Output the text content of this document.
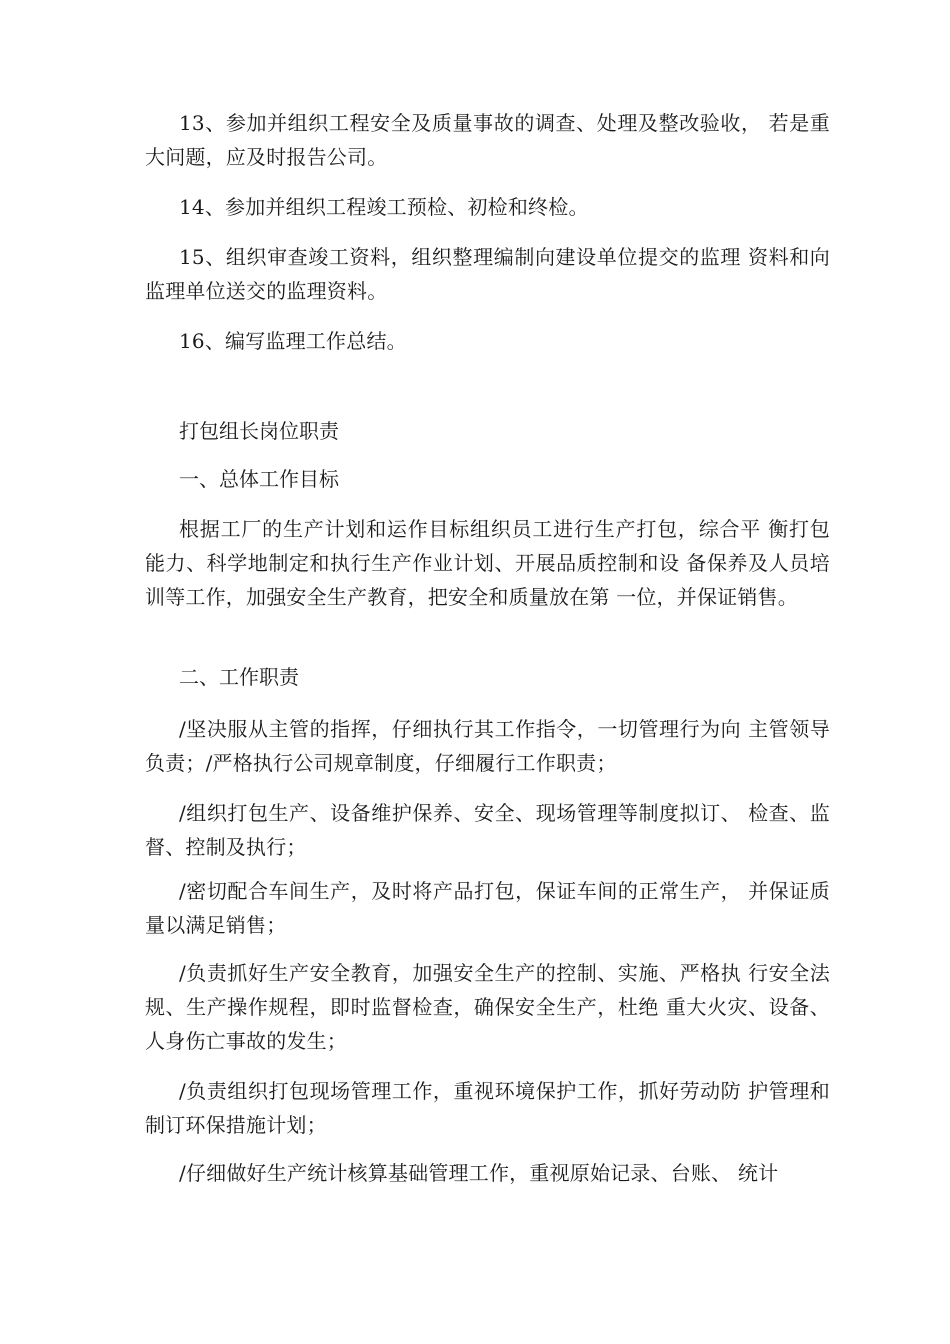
13、参加并组织工程安全及质量事故的调查、处理及整改验收， 若是重大问题，应及时报告公司。

14、参加并组织工程竣工预检、初检和终检。

15、组织审查竣工资料，组织整理编制向建设单位提交的监理 资料和向监理单位送交的监理资料。

16、编写监理工作总结。

打包组长岗位职责

一、总体工作目标

根据工厂的生产计划和运作目标组织员工进行生产打包，综合平 衡打包能力、科学地制定和执行生产作业计划、开展品质控制和设 备保养及人员培训等工作，加强安全生产教育，把安全和质量放在第 一位，并保证销售。

二、工作职责

/坚决服从主管的指挥，仔细执行其工作指令，一切管理行为向 主管领导负责；/严格执行公司规章制度，仔细履行工作职责；

/组织打包生产、设备维护保养、安全、现场管理等制度拟订、 检查、监督、控制及执行；

/密切配合车间生产，及时将产品打包，保证车间的正常生产， 并保证质量以满足销售；

/负责抓好生产安全教育，加强安全生产的控制、实施、严格执 行安全法规、生产操作规程，即时监督检查，确保安全生产，杜绝 重大火灾、设备、人身伤亡事故的发生；

/负责组织打包现场管理工作，重视环境保护工作，抓好劳动防 护管理和制订环保措施计划；

/仔细做好生产统计核算基础管理工作，重视原始记录、台账、 统计
